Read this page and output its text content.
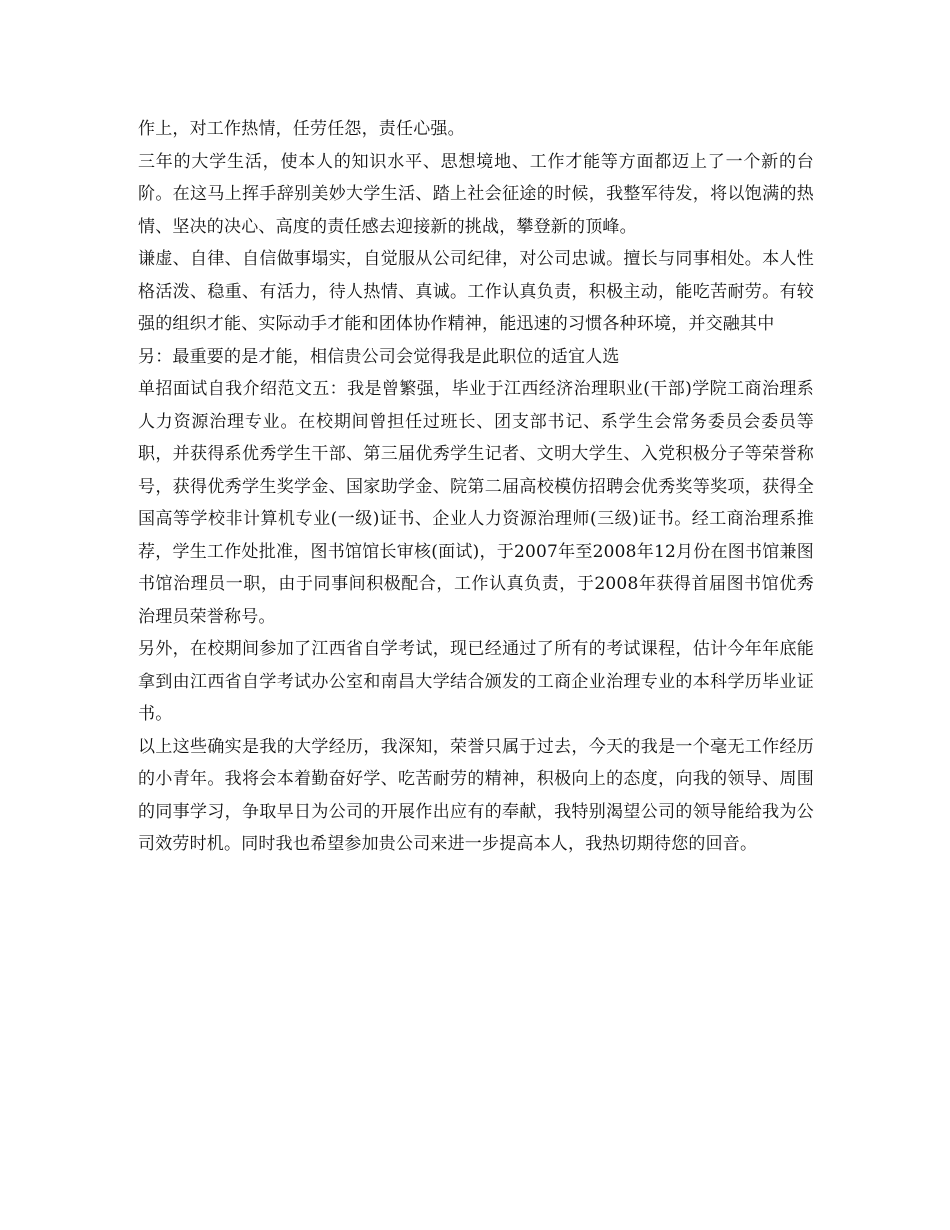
作上，对工作热情，任劳任怨，责任心强。

三年的大学生活，使本人的知识水平、思想境地、工作才能等方面都迈上了一个新的台阶。在这马上挥手辞别美妙大学生活、踏上社会征途的时候，我整军待发，将以饱满的热情、坚决的决心、高度的责任感去迎接新的挑战，攀登新的顶峰。

谦虚、自律、自信做事塌实，自觉服从公司纪律，对公司忠诚。擅长与同事相处。本人性格活泼、稳重、有活力，待人热情、真诚。工作认真负责，积极主动，能吃苦耐劳。有较强的组织才能、实际动手才能和团体协作精神，能迅速的习惯各种环境，并交融其中

另：最重要的是才能，相信贵公司会觉得我是此职位的适宜人选

单招面试自我介绍范文五：我是曾繁强，毕业于江西经济治理职业(干部)学院工商治理系人力资源治理专业。在校期间曾担任过班长、团支部书记、系学生会常务委员会委员等职，并获得系优秀学生干部、第三届优秀学生记者、文明大学生、入党积极分子等荣誉称号，获得优秀学生奖学金、国家助学金、院第二届高校模仿招聘会优秀奖等奖项，获得全国高等学校非计算机专业(一级)证书、企业人力资源治理师(三级)证书。经工商治理系推荐，学生工作处批准，图书馆馆长审核(面试)，于2007年至2008年12月份在图书馆兼图书馆治理员一职，由于同事间积极配合，工作认真负责，于2008年获得首届图书馆优秀治理员荣誉称号。

另外，在校期间参加了江西省自学考试，现已经通过了所有的考试课程，估计今年年底能拿到由江西省自学考试办公室和南昌大学结合颁发的工商企业治理专业的本科学历毕业证书。

以上这些确实是我的大学经历，我深知，荣誉只属于过去，今天的我是一个毫无工作经历的小青年。我将会本着勤奋好学、吃苦耐劳的精神，积极向上的态度，向我的领导、周围的同事学习，争取早日为公司的开展作出应有的奉献，我特别渴望公司的领导能给我为公司效劳时机。同时我也希望参加贵公司来进一步提高本人，我热切期待您的回音。
